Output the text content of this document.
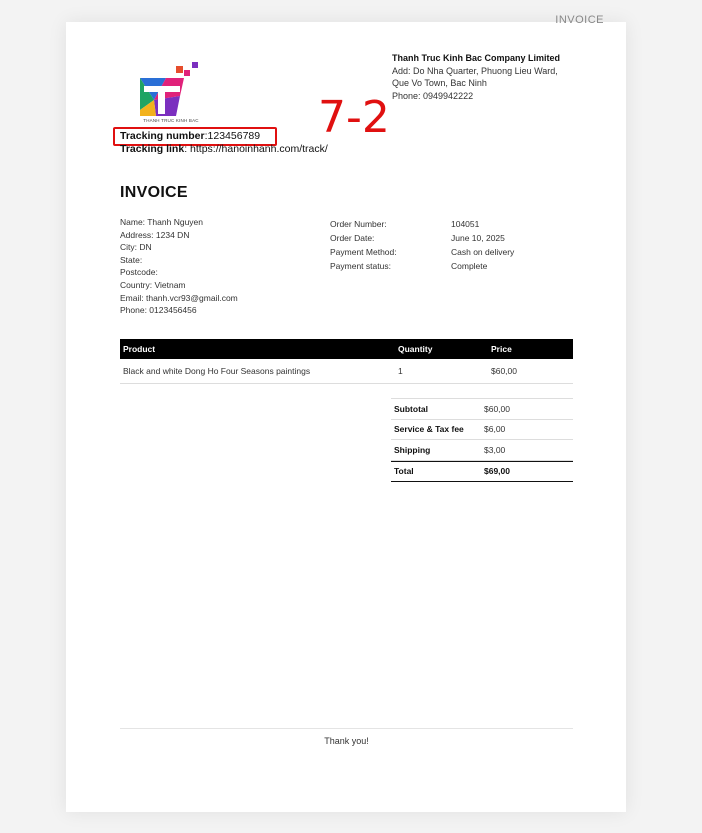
INVOICE
THANH TRUC KINH BAC
Thanh Truc Kinh Bac Company Limited
Add: Do Nha Quarter, Phuong Lieu Ward,
Que Vo Town, Bac Ninh
Phone: 0949942222
7-2
Tracking number:123456789
Tracking link: https://hanoinhanh.com/track/
INVOICE
Name: Thanh Nguyen
Address: 1234 DN
City: DN
State:
Postcode:
Country: Vietnam
Email: thanh.vcr93@gmail.com
Phone: 0123456456
Order Number:	104051
Order Date:	June 10, 2025
Payment Method:	Cash on delivery
Payment status:	Complete
Product	Quantity	Price
Black and white Dong Ho Four Seasons paintings	1	$60,00
Subtotal	$60,00
Service & Tax fee	$6,00
Shipping	$3,00
Total	$69,00
Thank you!
